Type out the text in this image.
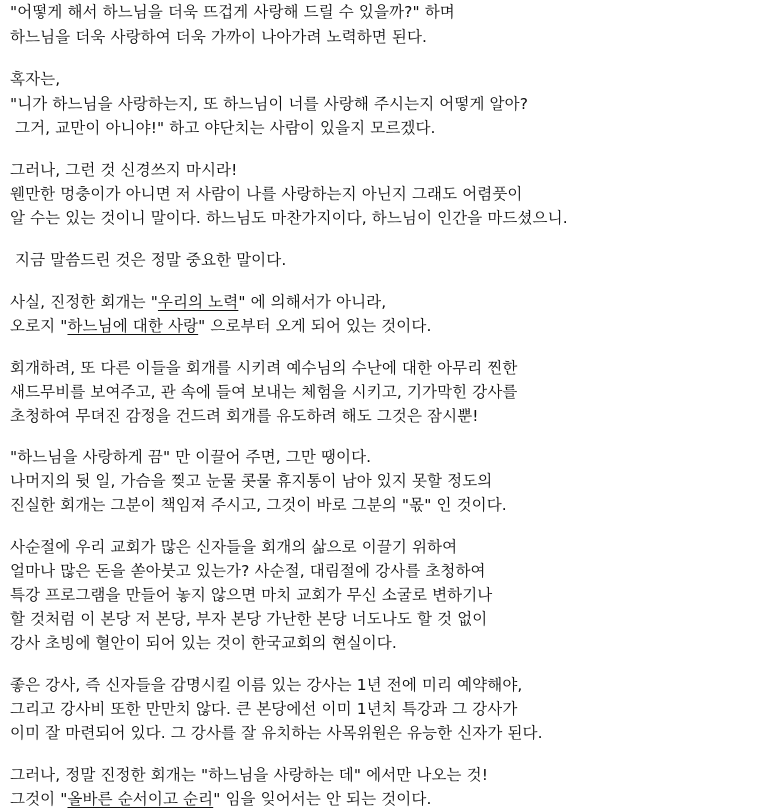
"어떻게 해서 하느님을 더욱 뜨겁게 사랑해 드릴 수 있을까?" 하며
하느님을 더욱 사랑하여 더욱 가까이 나아가려 노력하면 된다.
혹자는,
"니가 하느님을 사랑하는지, 또 하느님이 너를 사랑해 주시는지 어떻게 알아?
그거, 교만이 아니야!" 하고 야단치는 사람이 있을지 모르겠다.
그러나, 그런 것 신경쓰지 마시라!
웬만한 멍충이가 아니면 저 사람이 나를 사랑하는지 아닌지 그래도 어렴풋이
알 수는 있는 것이니 말이다. 하느님도 마찬가지이다, 하느님이 인간을 마드셨으니.
지금 말씀드린 것은 정말 중요한 말이다.
사실, 진정한 회개는 "우리의 노력" 에 의해서가 아니라,
오로지 "하느님에 대한 사랑" 으로부터 오게 되어 있는 것이다.
회개하려, 또 다른 이들을 회개를 시키려 예수님의 수난에 대한 아무리 찐한
새드무비를 보여주고, 관 속에 들여 보내는 체험을 시키고, 기가막힌 강사를
초청하여 무뎌진 감정을 건드려 회개를 유도하려 해도 그것은 잠시뿐!
"하느님을 사랑하게 끔" 만 이끌어 주면, 그만 땡이다.
나머지의 뒷 일, 가슴을 찢고 눈물 콧물 휴지통이 남아 있지 못할 정도의
진실한 회개는 그분이 책임져 주시고, 그것이 바로 그분의 "몫" 인 것이다.
사순절에 우리 교회가 많은 신자들을 회개의 삶으로 이끌기 위하여
얼마나 많은 돈을 쏟아붓고 있는가? 사순절, 대림절에 강사를 초청하여
특강 프로그램을 만들어 놓지 않으면 마치 교회가 무신 소굴로 변하기나
할 것처럼 이 본당 저 본당, 부자 본당 가난한 본당 너도나도 할 것 없이
강사 초빙에 혈안이 되어 있는 것이 한국교회의 현실이다.
좋은 강사, 즉 신자들을 감명시킬 이름 있는 강사는 1년 전에 미리 예약해야,
그리고 강사비 또한 만만치 않다. 큰 본당에선 이미 1년치 특강과 그 강사가
이미 잘 마련되어 있다. 그 강사를 잘 유치하는 사목위원은 유능한 신자가 된다.
그러나, 정말 진정한 회개는 "하느님을 사랑하는 데" 에서만 나오는 것!
그것이 "올바른 순서이고 순리" 임을 잊어서는 안 되는 것이다.
